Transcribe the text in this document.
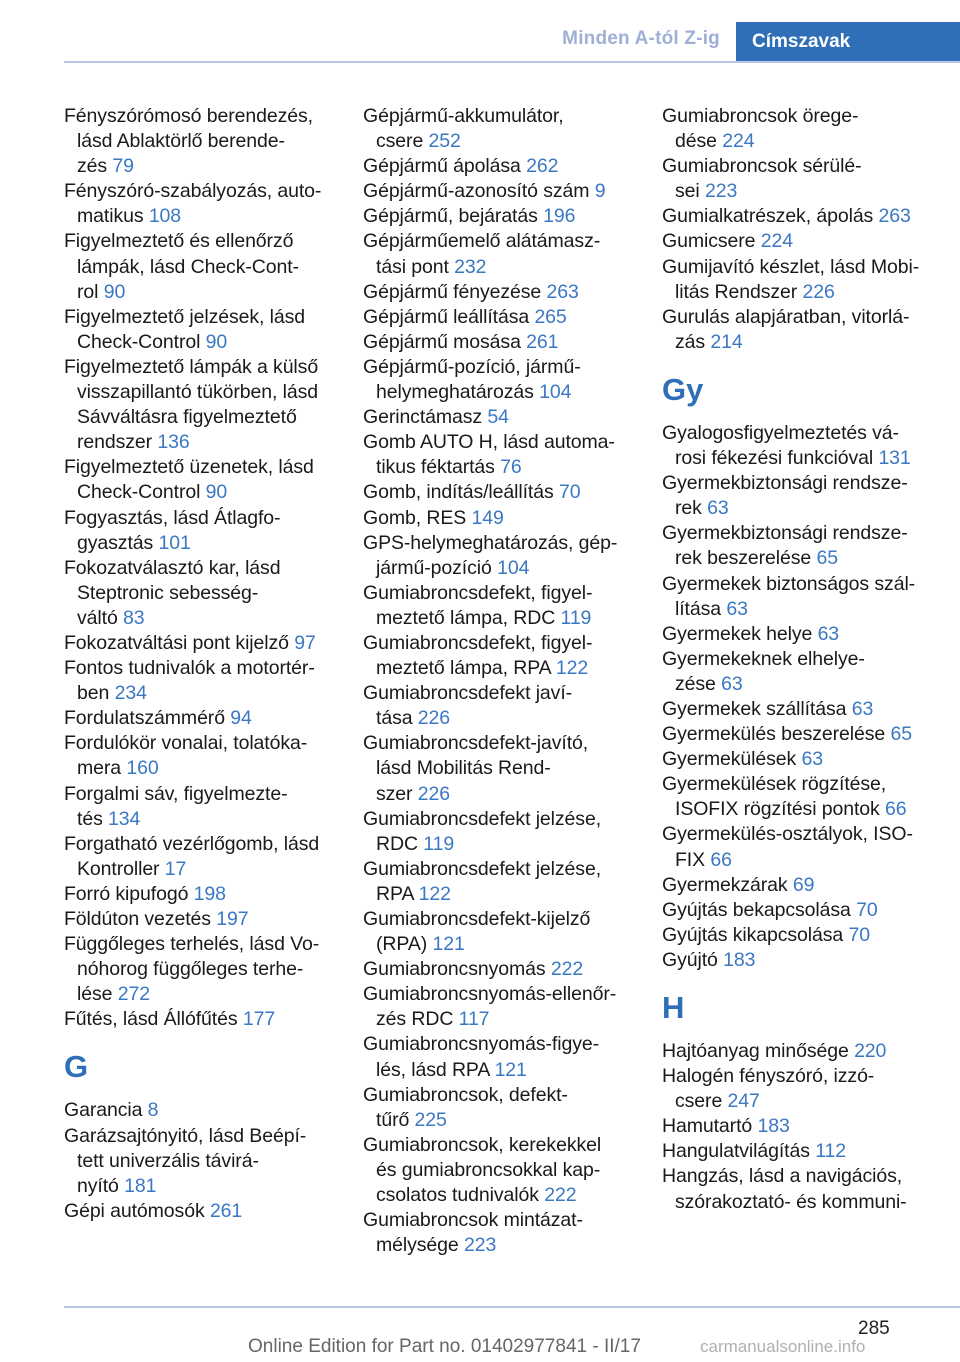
Minden A-tól Z-ig	Címszavak
Fényszórómosó berendezés,
lásd Ablaktörlő berende‐
zés 79
Fényszóró-szabályozás, auto‐
matikus 108
Figyelmeztető és ellenőrző
lámpák, lásd Check-Cont‐
rol 90
Figyelmeztető jelzések, lásd
Check-Control 90
Figyelmeztető lámpák a külső
visszapillantó tükörben, lásd
Sávváltásra figyelmeztető
rendszer 136
Figyelmeztető üzenetek, lásd
Check-Control 90
Fogyasztás, lásd Átlagfo‐
gyasztás 101
Fokozatválasztó kar, lásd
Steptronic sebesség‐
váltó 83
Fokozatváltási pont kijelző 97
Fontos tudnivalók a motortér‐
ben 234
Fordulatszámmérő 94
Fordulókör vonalai, tolatóka‐
mera 160
Forgalmi sáv, figyelmezte‐
tés 134
Forgatható vezérlőgomb, lásd
Kontroller 17
Forró kipufogó 198
Földúton vezetés 197
Függőleges terhelés, lásd Vo‐
nóhorog függőleges terhe‐
lése 272
Fűtés, lásd Állófűtés 177
G
Garancia 8
Garázsajtónyitó, lásd Beépí‐
tett univerzális távirá‐
nyító 181
Gépi autómosók 261
Gépjármű-akkumulátor,
csere 252
Gépjármű ápolása 262
Gépjármű-azonosító szám 9
Gépjármű, bejáratás 196
Gépjárműemelő alátámasz‐
tási pont 232
Gépjármű fényezése 263
Gépjármű leállítása 265
Gépjármű mosása 261
Gépjármű-pozíció, jármű‐
helymeghatározás 104
Gerinctámasz 54
Gomb AUTO H, lásd automa‐
tikus féktartás 76
Gomb, indítás/leállítás 70
Gomb, RES 149
GPS-helymeghatározás, gép‐
jármű-pozíció 104
Gumiabroncsdefekt, figyel‐
meztető lámpa, RDC 119
Gumiabroncsdefekt, figyel‐
meztető lámpa, RPA 122
Gumiabroncsdefekt javí‐
tása 226
Gumiabroncsdefekt-javító,
lásd Mobilitás Rend‐
szer 226
Gumiabroncsdefekt jelzése,
RDC 119
Gumiabroncsdefekt jelzése,
RPA 122
Gumiabroncsdefekt-kijelző
(RPA) 121
Gumiabroncsnyomás 222
Gumiabroncsnyomás-ellenőr‐
zés RDC 117
Gumiabroncsnyomás-figye‐
lés, lásd RPA 121
Gumiabroncsok, defekt‐
tűrő 225
Gumiabroncsok, kerekekkel
és gumiabroncsokkal kap‐
csolatos tudnivalók 222
Gumiabroncsok mintázat‐
mélysége 223
Gumiabroncsok örege‐
dése 224
Gumiabroncsok sérülé‐
sei 223
Gumialkatrészek, ápolás 263
Gumicsere 224
Gumijavító készlet, lásd Mobi‐
litás Rendszer 226
Gurulás alapjáratban, vitorlá‐
zás 214
Gy
Gyalogosfigyelmeztetés vá‐
rosi fékezési funkcióval 131
Gyermekbiztonsági rendsze‐
rek 63
Gyermekbiztonsági rendsze‐
rek beszerelése 65
Gyermekek biztonságos szál‐
lítása 63
Gyermekek helye 63
Gyermekeknek elhelye‐
zése 63
Gyermekek szállítása 63
Gyermekülés beszerelése 65
Gyermekülések 63
Gyermekülések rögzítése,
ISOFIX rögzítési pontok 66
Gyermekülés-osztályok, ISO‐
FIX 66
Gyermekzárak 69
Gyújtás bekapcsolása 70
Gyújtás kikapcsolása 70
Gyújtó 183
H
Hajtóanyag minősége 220
Halogén fényszóró, izzó‐
csere 247
Hamutartó 183
Hangulatvilágítás 112
Hangzás, lásd a navigációs,
szórakoztató- és kommuni‐
285
Online Edition for Part no. 01402977841 - II/17	carmanualsonline.info
